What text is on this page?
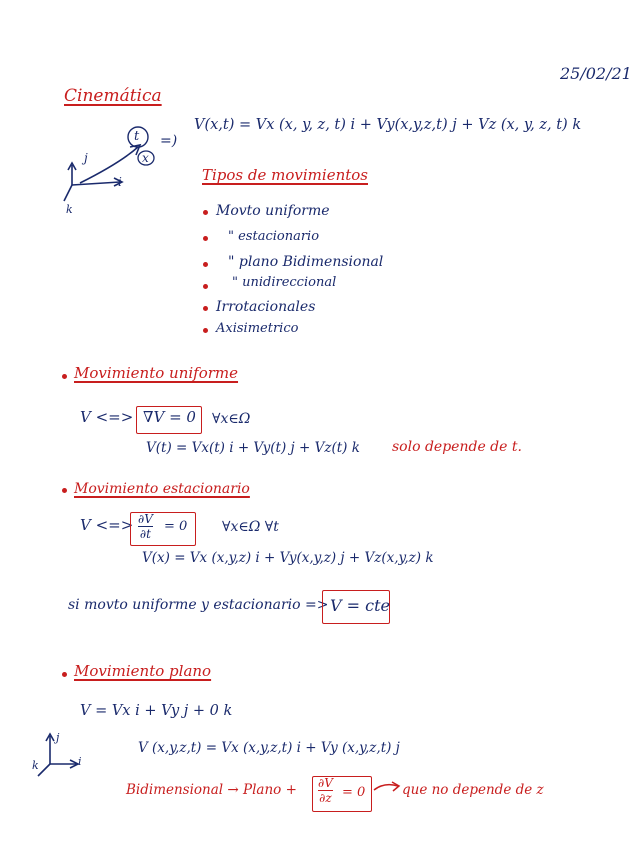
25/02/21
Cinemática
t
x
j
i
k
=)
V(x,t) = Vx (x, y, z, t) i + Vy(x,y,z,t) j + Vz (x, y, z, t) k
Tipos de movimientos
Movto uniforme
" estacionario
" plano Bidimensional
" unidireccional
Irrotacionales
Axisimetrico
Movimiento uniforme
V <=> ∇V = 0 ∀x∈Ω
V(t) = Vx(t) i + Vy(t) j + Vz(t) k solo depende de t.
Movimiento estacionario
V <=> ∂V
∂t = 0 ∀x∈Ω ∀t
V(x) = Vx (x,y,z) i + Vy(x,y,z) j + Vz(x,y,z) k
si movto uniforme y estacionario => V = cte
Movimiento plano
V = Vx i + Vy j + 0 k
j
i
k
V (x,y,z,t) = Vx (x,y,z,t) i + Vy (x,y,z,t) j
Bidimensional → Plano + ∂V
∂z = 0	que no depende de z
